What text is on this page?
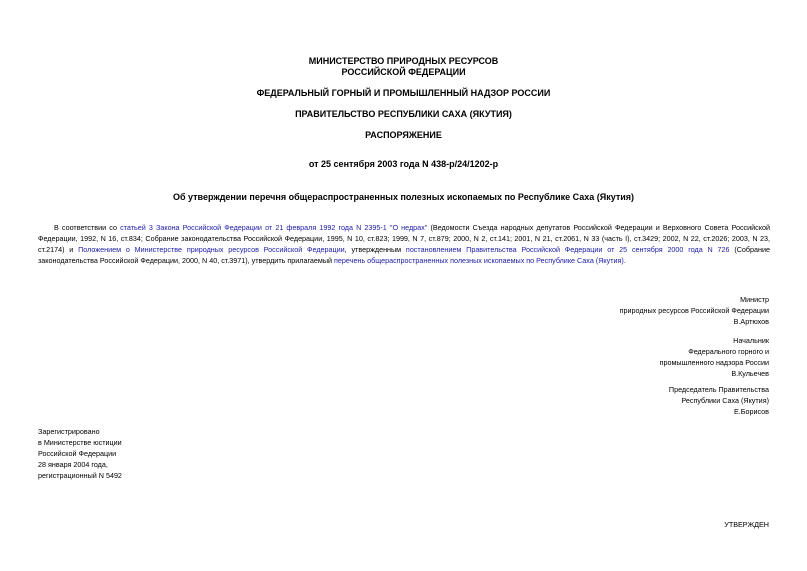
МИНИСТЕРСТВО ПРИРОДНЫХ РЕСУРСОВ
РОССИЙСКОЙ ФЕДЕРАЦИИ
ФЕДЕРАЛЬНЫЙ ГОРНЫЙ И ПРОМЫШЛЕННЫЙ НАДЗОР РОССИИ
ПРАВИТЕЛЬСТВО РЕСПУБЛИКИ САХА (ЯКУТИЯ)
РАСПОРЯЖЕНИЕ
от 25 сентября 2003 года N 438-р/24/1202-р
Об утверждении перечня общераспространенных полезных ископаемых по Республике Саха (Якутия)
В соответствии со статьей 3 Закона Российской Федерации от 21 февраля 1992 года N 2395-1 "О недрах" (Ведомости Съезда народных депутатов Российской Федерации и Верховного Совета Российской Федерации, 1992, N 16, ст.834; Собрание законодательства Российской Федерации, 1995, N 10, ст.823; 1999, N 7, ст.879; 2000, N 2, ст.141; 2001, N 21, ст.2061, N 33 (часть I), ст.3429; 2002, N 22, ст.2026; 2003, N 23, ст.2174) и Положением о Министерстве природных ресурсов Российской Федерации, утвержденным постановлением Правительства Российской Федерации от 25 сентября 2000 года N 726 (Собрание законодательства Российской Федерации, 2000, N 40, ст.3971), утвердить прилагаемый перечень общераспространенных полезных ископаемых по Республике Саха (Якутия).
Министр
природных ресурсов Российской Федерации
В.Артюхов
Начальник
Федерального горного и
промышленного надзора России
В.Кульечев
Председатель Правительства
Республики Саха (Якутия)
Е.Борисов
Зарегистрировано
в Министерстве юстиции
Российской Федерации
28 января 2004 года,
регистрационный N 5492
УТВЕРЖДЕН
